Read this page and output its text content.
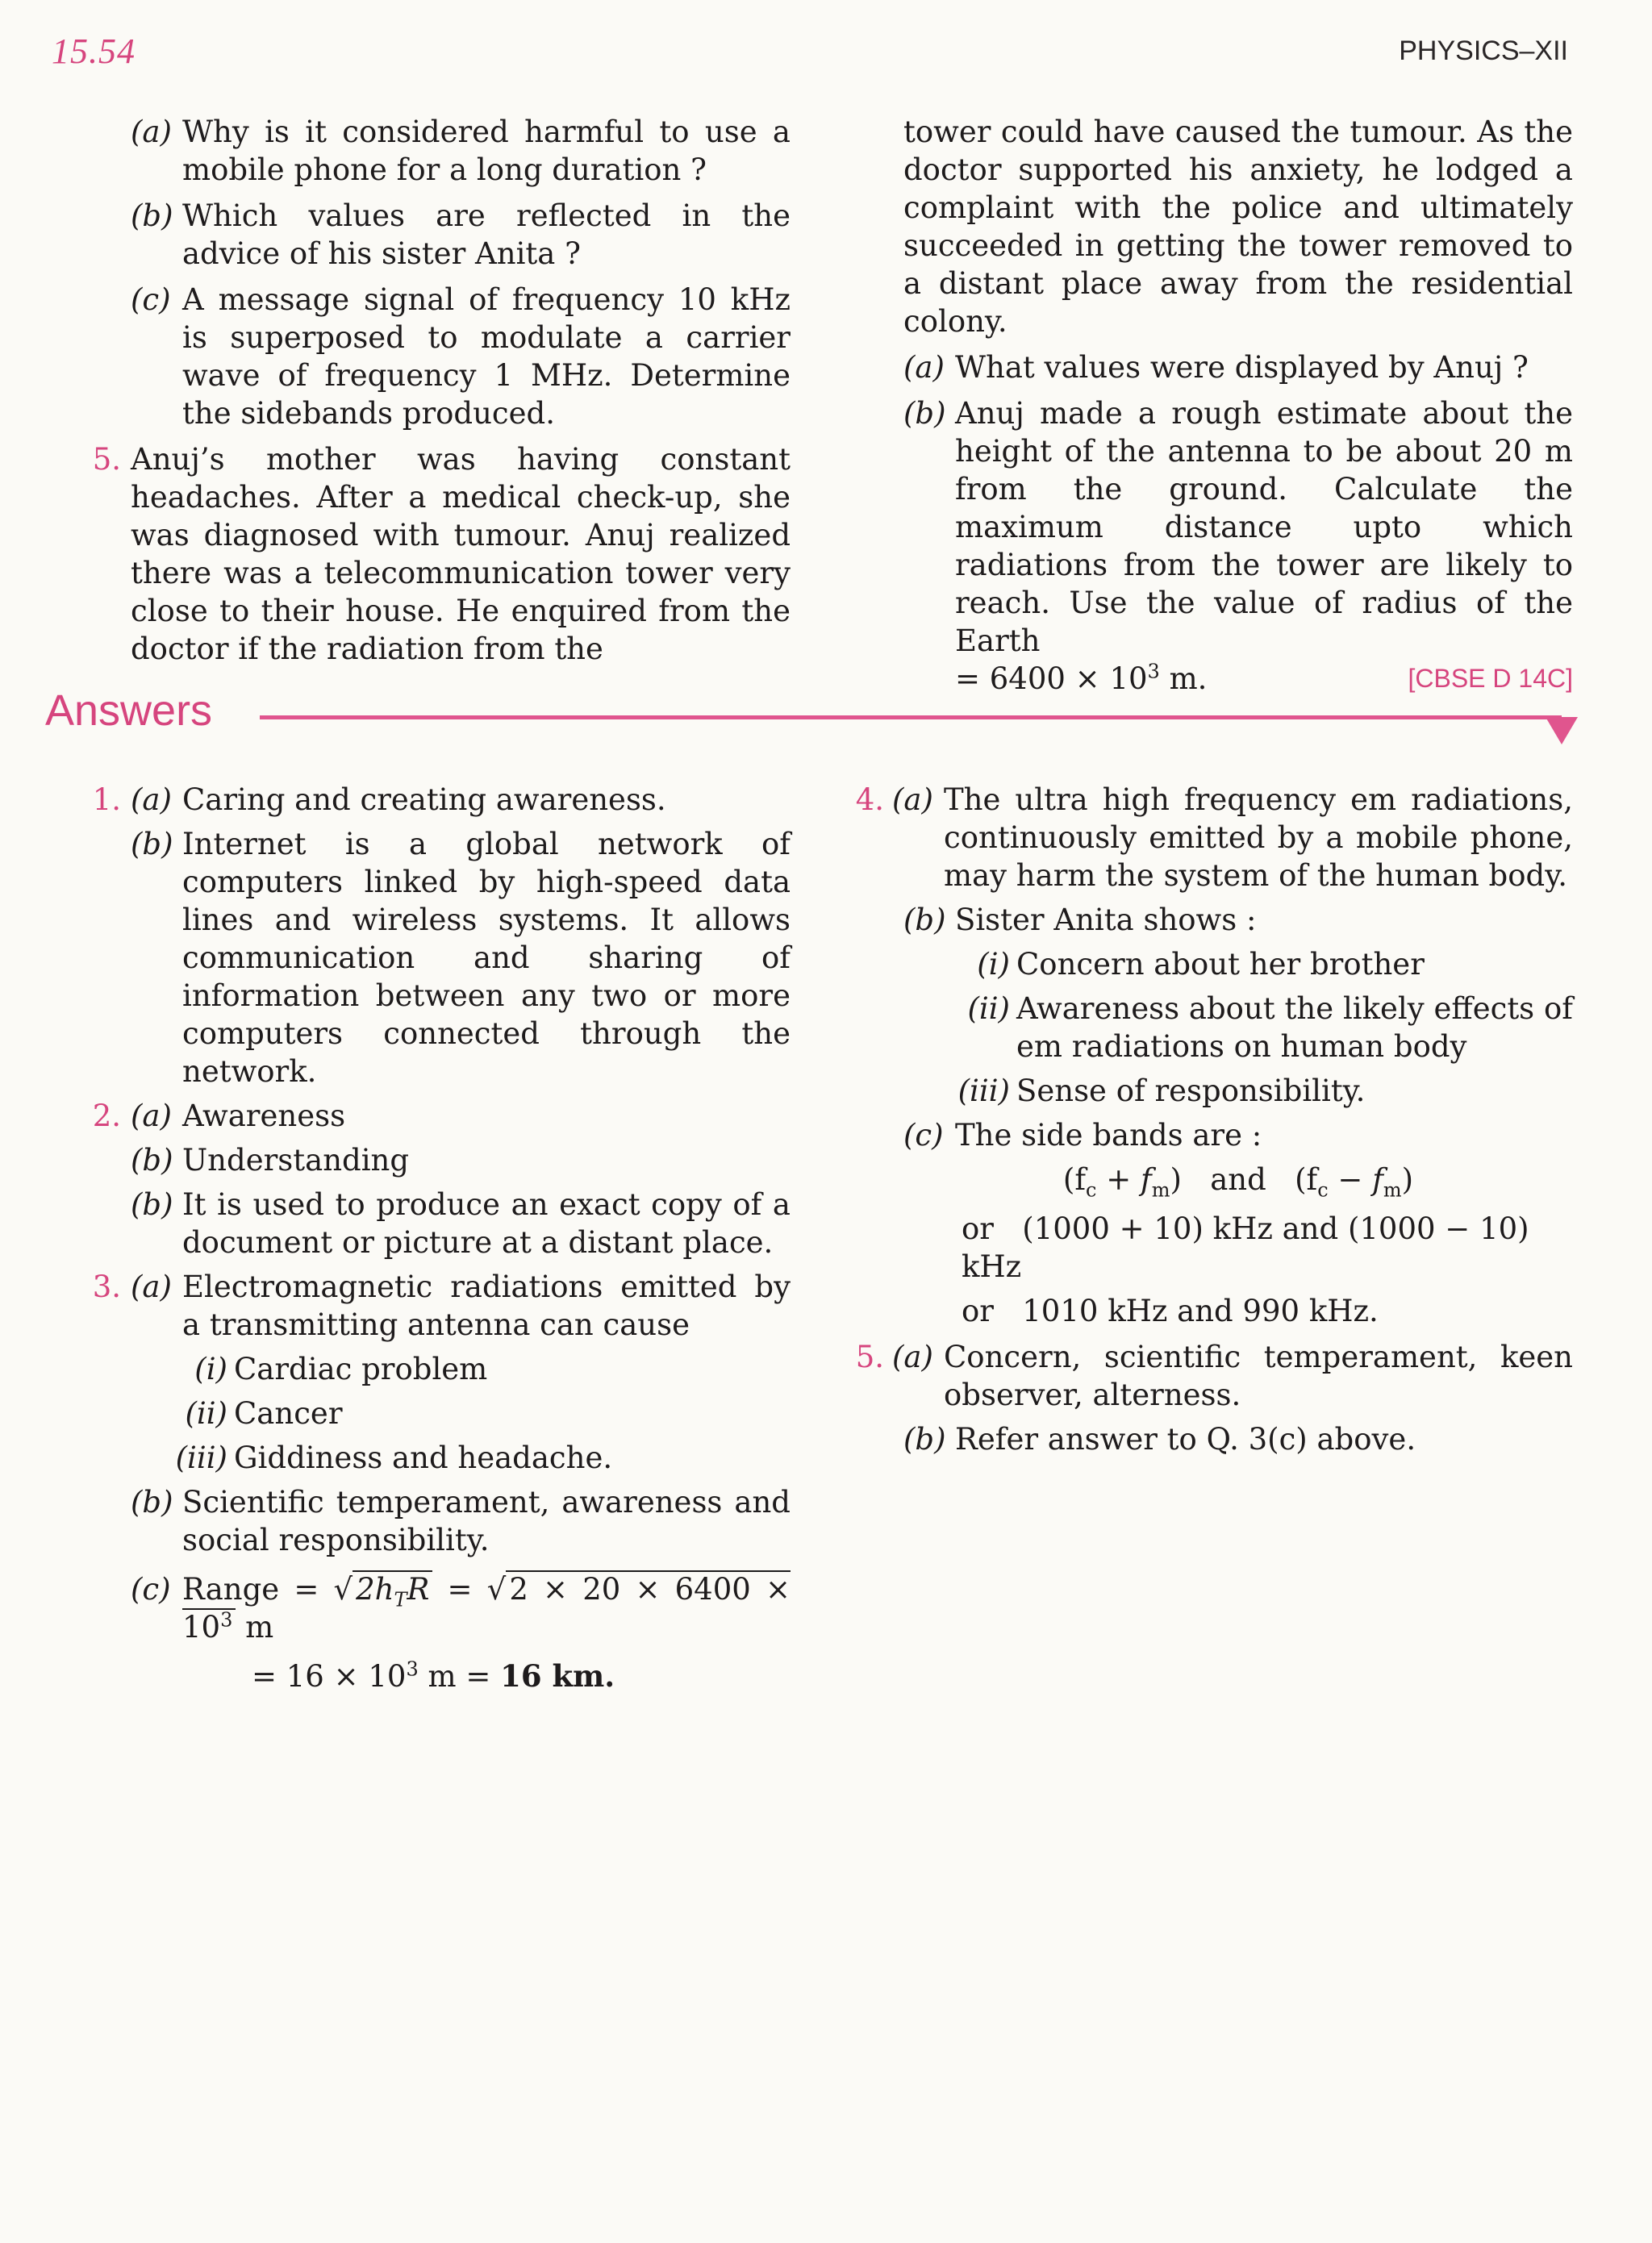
15.54	PHYSICS–XII
(a) Why is it considered harmful to use a mobile phone for a long duration ?
(b) Which values are reflected in the advice of his sister Anita ?
(c) A message signal of frequency 10 kHz is superposed to modulate a carrier wave of frequency 1 MHz. Determine the sidebands produced.
5. Anuj’s mother was having constant headaches. After a medical check-up, she was diagnosed with tumour. Anuj realized there was a telecommunication tower very close to their house. He enquired from the doctor if the radiation from the
tower could have caused the tumour. As the doctor supported his anxiety, he lodged a complaint with the police and ultimately succeeded in getting the tower removed to a distant place away from the residential colony.
(a) What values were displayed by Anuj ?
(b) Anuj made a rough estimate about the height of the antenna to be about 20 m from the ground. Calculate the maximum distance upto which radiations from the tower are likely to reach. Use the value of radius of the Earth
= $6400 \times 10^3$ m.	[CBSE D 14C]
Answers
1. (a) Caring and creating awareness.
(b) Internet is a global network of computers linked by high-speed data lines and wireless systems. It allows communication and sharing of information between any two or more computers connected through the network.
2. (a) Awareness
(b) Understanding
(b) It is used to produce an exact copy of a document or picture at a distant place.
3. (a) Electromagnetic radiations emitted by a transmitting antenna can cause
(i) Cardiac problem
(ii) Cancer
(iii) Giddiness and headache.
(b) Scientific temperament, awareness and social responsibility.
(c) Range = √ $2h_TR$ = √ $2 \times 20 \times 6400 \times 10^3$ m
= $16 \times 10^3$ m = 16 km.
4. (a) The ultra high frequency em radiations, continuously emitted by a mobile phone, may harm the system of the human body.
(b) Sister Anita shows :
(i) Concern about her brother
(ii) Awareness about the likely effects of em radiations on human body
(iii) Sense of responsibility.
(c) The side bands are :
$(f_c + f_m)$ and $(f_c - f_m)$
or (1000 + 10) kHz and (1000 − 10) kHz
or 1010 kHz and 990 kHz.
5. (a) Concern, scientific temperament, keen observer, alterness.
(b) Refer answer to Q. 3(c) above.
